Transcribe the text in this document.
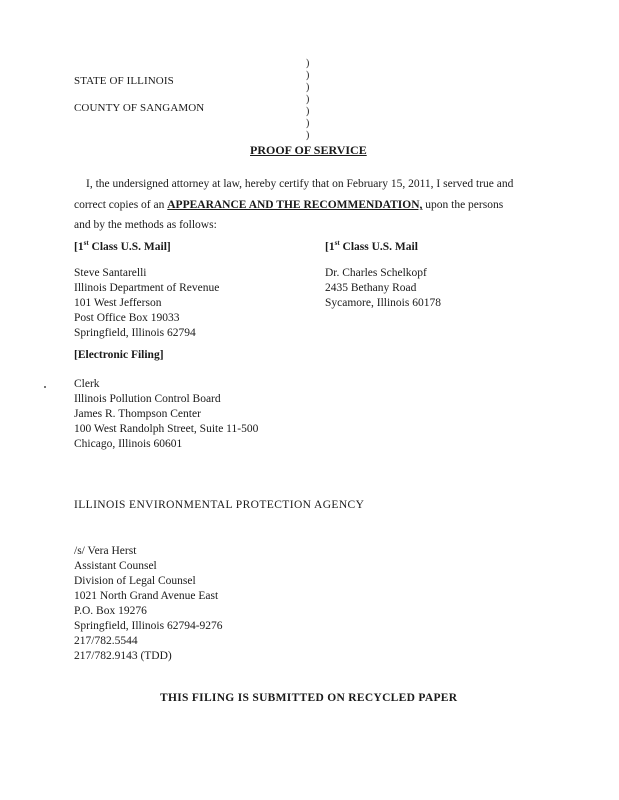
STATE OF ILLINOIS
COUNTY OF SANGAMON
)
)
)
)
)
)
)
PROOF OF SERVICE
I, the undersigned attorney at law, hereby certify that on February 15, 2011, I served true and
correct copies of an APPEARANCE AND THE RECOMMENDATION, upon the persons
and by the methods as follows:
[1st Class U.S. Mail]
Steve Santarelli
Illinois Department of Revenue
101 West Jefferson
Post Office Box 19033
Springfield, Illinois 62794
[1st Class U.S. Mail
Dr. Charles Schelkopf
2435 Bethany Road
Sycamore, Illinois 60178
[Electronic Filing]
Clerk
Illinois Pollution Control Board
James R. Thompson Center
100 West Randolph Street, Suite 11-500
Chicago, Illinois 60601
ILLINOIS ENVIRONMENTAL PROTECTION AGENCY
/s/ Vera Herst
Assistant Counsel
Division of Legal Counsel
1021 North Grand Avenue East
P.O. Box 19276
Springfield, Illinois 62794-9276
217/782.5544
217/782.9143 (TDD)
THIS FILING IS SUBMITTED ON RECYCLED PAPER
